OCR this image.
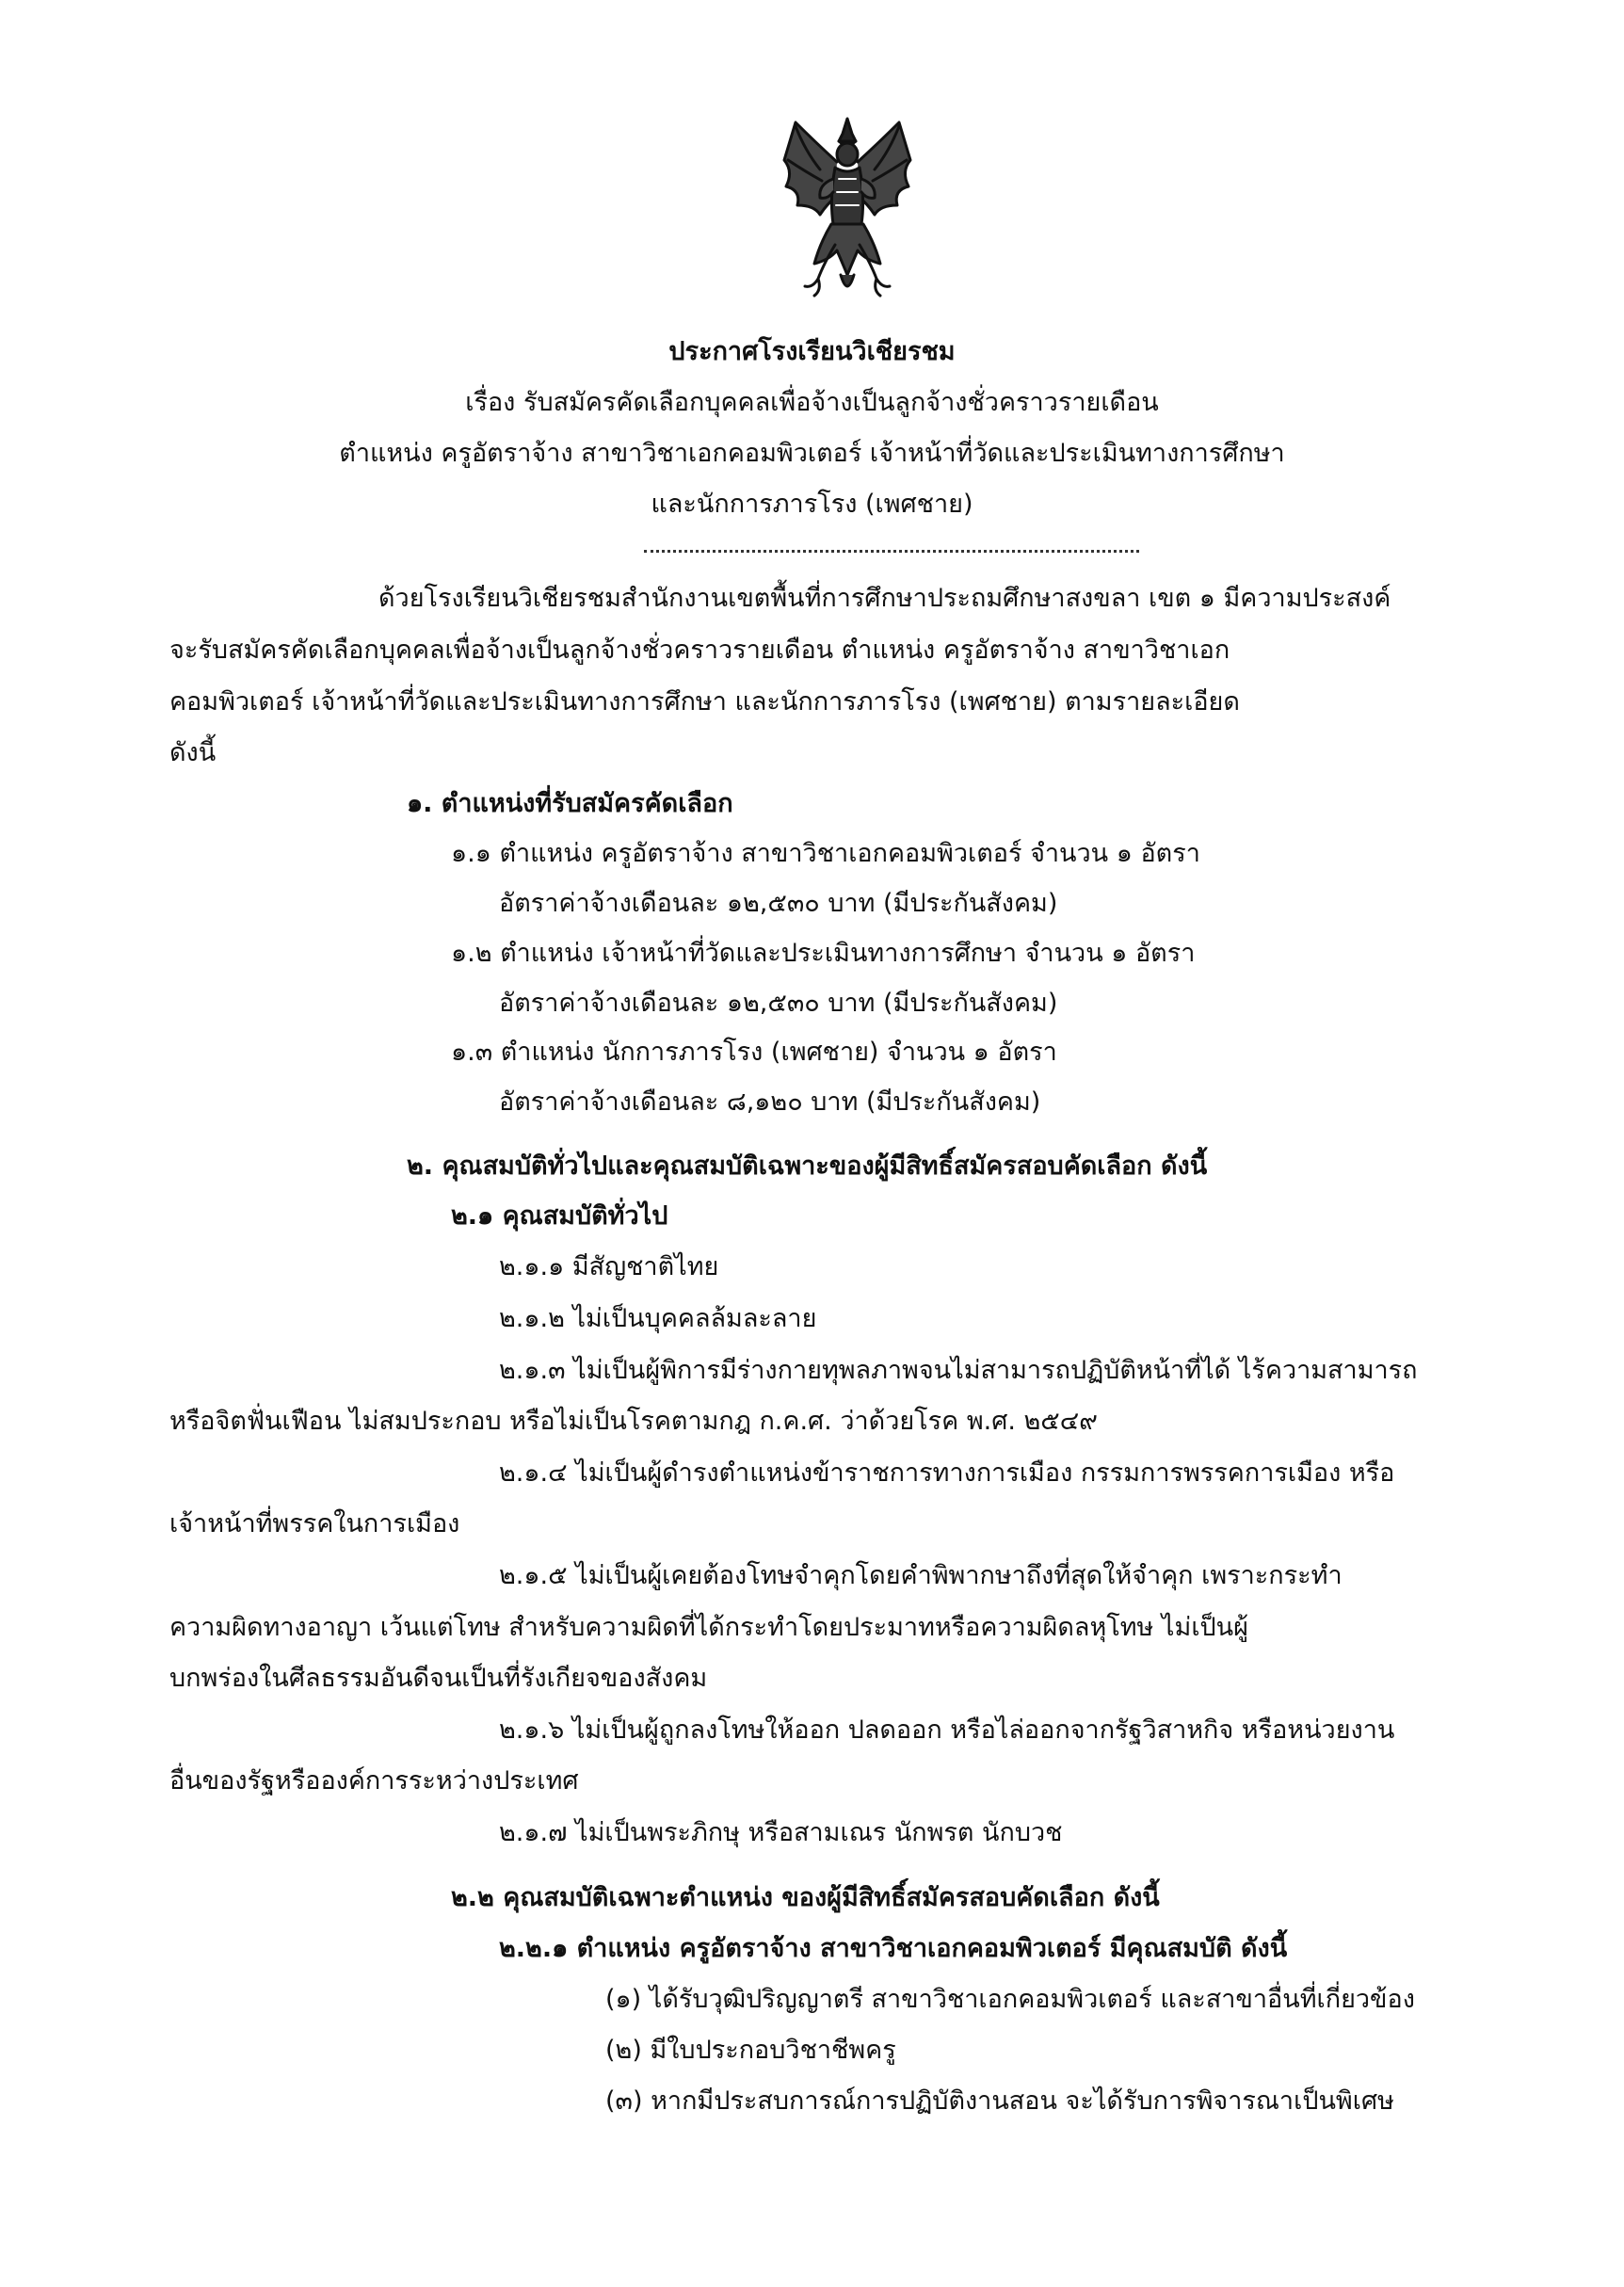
ประกาศโรงเรียนวิเชียรชม
เรื่อง รับสมัครคัดเลือกบุคคลเพื่อจ้างเป็นลูกจ้างชั่วคราวรายเดือน
ตำแหน่ง ครูอัตราจ้าง สาขาวิชาเอกคอมพิวเตอร์ เจ้าหน้าที่วัดและประเมินทางการศึกษา
และนักการภารโรง (เพศชาย)
ด้วยโรงเรียนวิเชียรชมสำนักงานเขตพื้นที่การศึกษาประถมศึกษาสงขลา เขต ๑ มีความประสงค์
จะรับสมัครคัดเลือกบุคคลเพื่อจ้างเป็นลูกจ้างชั่วคราวรายเดือน ตำแหน่ง ครูอัตราจ้าง สาขาวิชาเอก
คอมพิวเตอร์ เจ้าหน้าที่วัดและประเมินทางการศึกษา และนักการภารโรง (เพศชาย) ตามรายละเอียด
ดังนี้
๑. ตำแหน่งที่รับสมัครคัดเลือก
๑.๑ ตำแหน่ง ครูอัตราจ้าง สาขาวิชาเอกคอมพิวเตอร์ จำนวน ๑ อัตรา
อัตราค่าจ้างเดือนละ ๑๒,๕๓๐ บาท (มีประกันสังคม)
๑.๒ ตำแหน่ง เจ้าหน้าที่วัดและประเมินทางการศึกษา จำนวน ๑ อัตรา
อัตราค่าจ้างเดือนละ ๑๒,๕๓๐ บาท (มีประกันสังคม)
๑.๓ ตำแหน่ง นักการภารโรง (เพศชาย) จำนวน ๑ อัตรา
อัตราค่าจ้างเดือนละ ๘,๑๒๐ บาท (มีประกันสังคม)
๒. คุณสมบัติทั่วไปและคุณสมบัติเฉพาะของผู้มีสิทธิ์สมัครสอบคัดเลือก ดังนี้
๒.๑ คุณสมบัติทั่วไป
๒.๑.๑ มีสัญชาติไทย
๒.๑.๒ ไม่เป็นบุคคลล้มละลาย
๒.๑.๓ ไม่เป็นผู้พิการมีร่างกายทุพลภาพจนไม่สามารถปฏิบัติหน้าที่ได้ ไร้ความสามารถ
หรือจิตฟั่นเฟือน ไม่สมประกอบ หรือไม่เป็นโรคตามกฎ ก.ค.ศ. ว่าด้วยโรค พ.ศ. ๒๕๔๙
๒.๑.๔ ไม่เป็นผู้ดำรงตำแหน่งข้าราชการทางการเมือง กรรมการพรรคการเมือง หรือ
เจ้าหน้าที่พรรคในการเมือง
๒.๑.๕ ไม่เป็นผู้เคยต้องโทษจำคุกโดยคำพิพากษาถึงที่สุดให้จำคุก เพราะกระทำ
ความผิดทางอาญา เว้นแต่โทษ สำหรับความผิดที่ได้กระทำโดยประมาทหรือความผิดลหุโทษ ไม่เป็นผู้
บกพร่องในศีลธรรมอันดีจนเป็นที่รังเกียจของสังคม
๒.๑.๖ ไม่เป็นผู้ถูกลงโทษให้ออก ปลดออก หรือไล่ออกจากรัฐวิสาหกิจ หรือหน่วยงาน
อื่นของรัฐหรือองค์การระหว่างประเทศ
๒.๑.๗ ไม่เป็นพระภิกษุ หรือสามเณร นักพรต นักบวช
๒.๒ คุณสมบัติเฉพาะตำแหน่ง ของผู้มีสิทธิ์สมัครสอบคัดเลือก ดังนี้
๒.๒.๑ ตำแหน่ง ครูอัตราจ้าง สาขาวิชาเอกคอมพิวเตอร์ มีคุณสมบัติ ดังนี้
(๑) ได้รับวุฒิปริญญาตรี สาขาวิชาเอกคอมพิวเตอร์ และสาขาอื่นที่เกี่ยวข้อง
(๒) มีใบประกอบวิชาชีพครู
(๓) หากมีประสบการณ์การปฏิบัติงานสอน จะได้รับการพิจารณาเป็นพิเศษ
